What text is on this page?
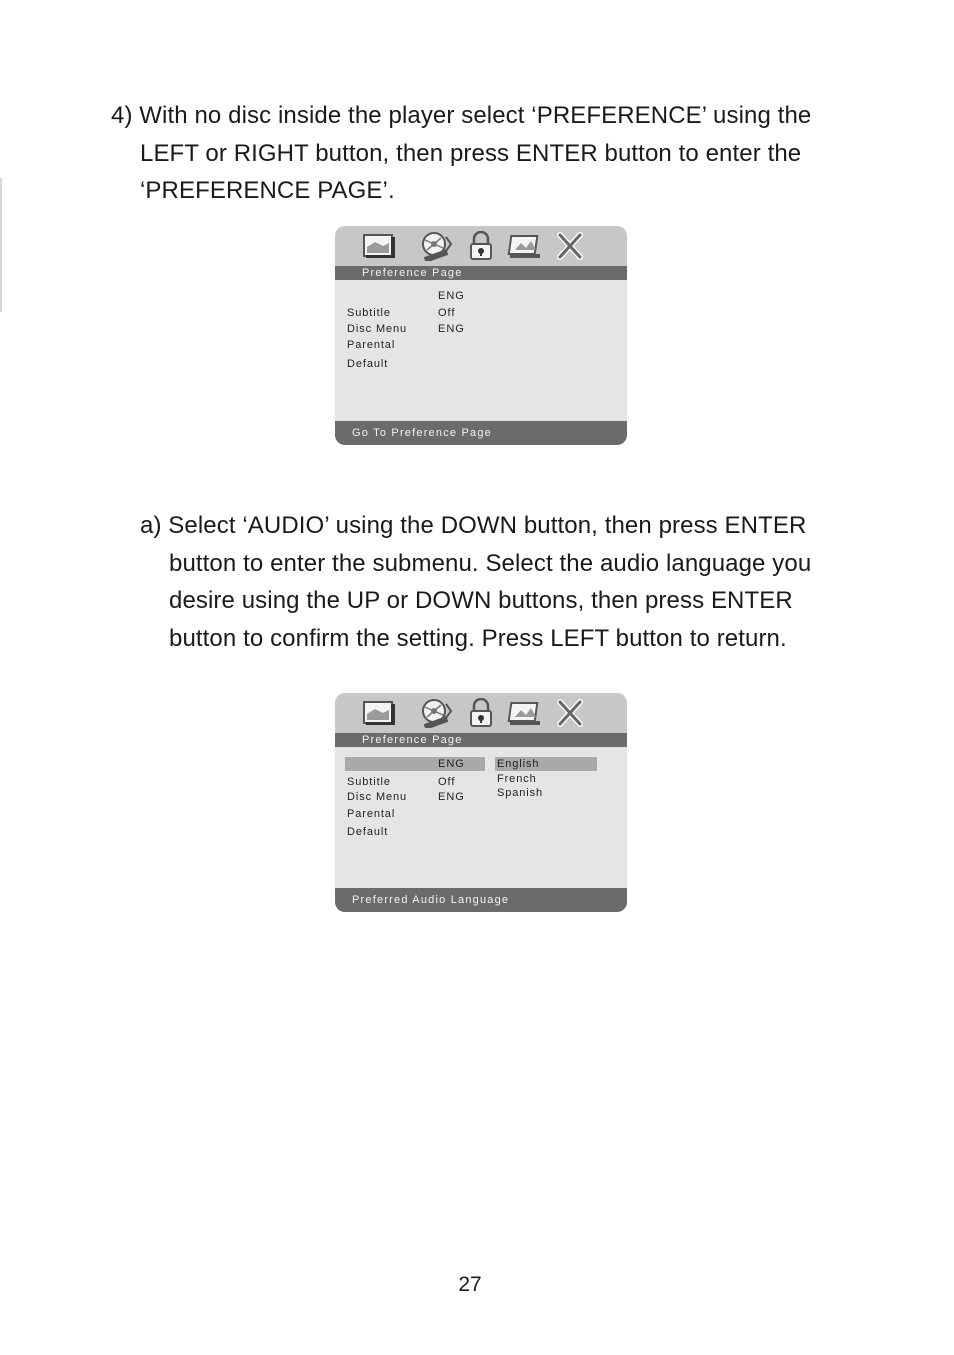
4) With no disc inside the player select ‘PREFERENCE’ using the
LEFT or RIGHT button, then press ENTER button to enter the
‘PREFERENCE PAGE’.
Preference Page
ENG
Subtitle	Off
Disc Menu	ENG
Parental
Default
Go To Preference Page
a) Select ‘AUDIO’ using the DOWN button, then press ENTER
button to enter the submenu. Select the audio language you
desire using the UP or DOWN buttons, then press ENTER
button to confirm the setting. Press LEFT button to return.
Preference Page
ENG	English
French
Spanish
Subtitle	Off
Disc Menu	ENG
Parental
Default
Preferred Audio Language
27
